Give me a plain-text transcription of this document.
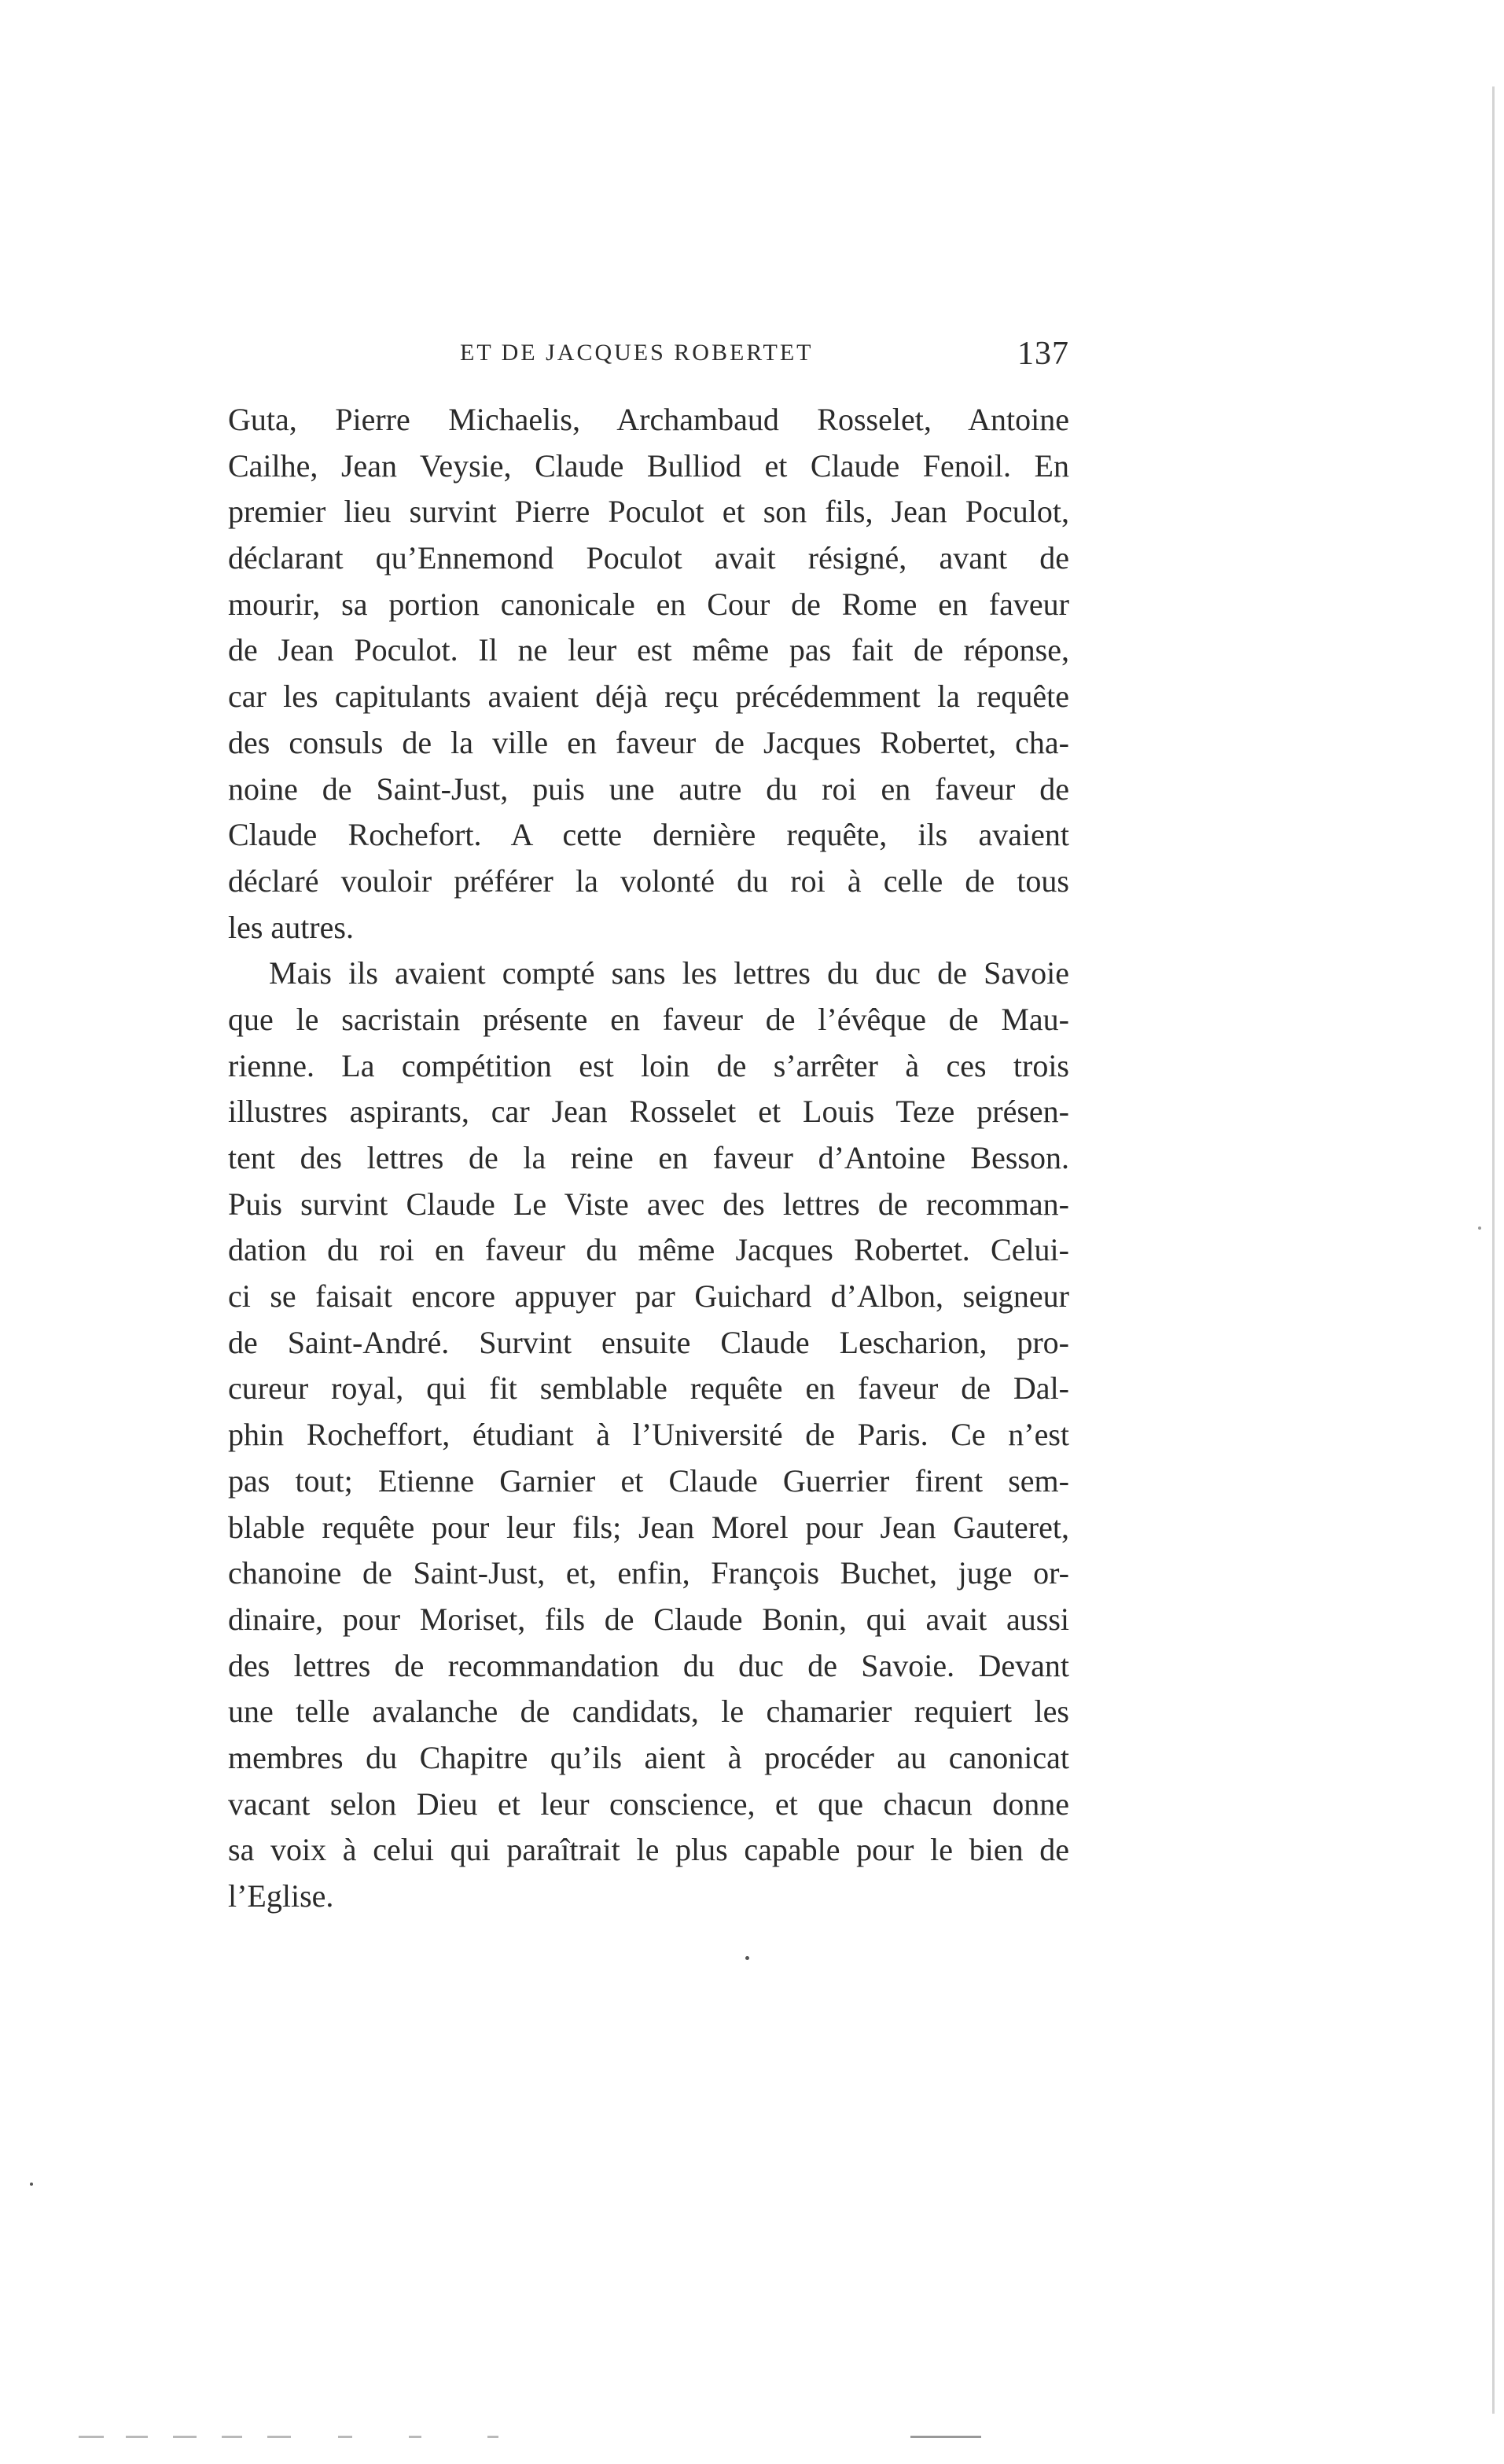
ET DE JACQUES ROBERTET	137
Guta, Pierre Michaelis, Archambaud Rosselet, Antoine
Cailhe, Jean Veysie, Claude Bulliod et Claude Fenoil. En
premier lieu survint Pierre Poculot et son fils, Jean Poculot,
déclarant qu’Ennemond Poculot avait résigné, avant de
mourir, sa portion canonicale en Cour de Rome en faveur
de Jean Poculot. Il ne leur est même pas fait de réponse,
car les capitulants avaient déjà reçu précédemment la requête
des consuls de la ville en faveur de Jacques Robertet, cha-
noine de Saint-Just, puis une autre du roi en faveur de
Claude Rochefort. A cette dernière requête, ils avaient
déclaré vouloir préférer la volonté du roi à celle de tous
les autres.
Mais ils avaient compté sans les lettres du duc de Savoie
que le sacristain présente en faveur de l’évêque de Mau-
rienne. La compétition est loin de s’arrêter à ces trois
illustres aspirants, car Jean Rosselet et Louis Teze présen-
tent des lettres de la reine en faveur d’Antoine Besson.
Puis survint Claude Le Viste avec des lettres de recomman-
dation du roi en faveur du même Jacques Robertet. Celui-
ci se faisait encore appuyer par Guichard d’Albon, seigneur
de Saint-André. Survint ensuite Claude Lescharion, pro-
cureur royal, qui fit semblable requête en faveur de Dal-
phin Rocheffort, étudiant à l’Université de Paris. Ce n’est
pas tout; Etienne Garnier et Claude Guerrier firent sem-
blable requête pour leur fils; Jean Morel pour Jean Gauteret,
chanoine de Saint-Just, et, enfin, François Buchet, juge or-
dinaire, pour Moriset, fils de Claude Bonin, qui avait aussi
des lettres de recommandation du duc de Savoie. Devant
une telle avalanche de candidats, le chamarier requiert les
membres du Chapitre qu’ils aient à procéder au canonicat
vacant selon Dieu et leur conscience, et que chacun donne
sa voix à celui qui paraîtrait le plus capable pour le bien de
l’Eglise.
